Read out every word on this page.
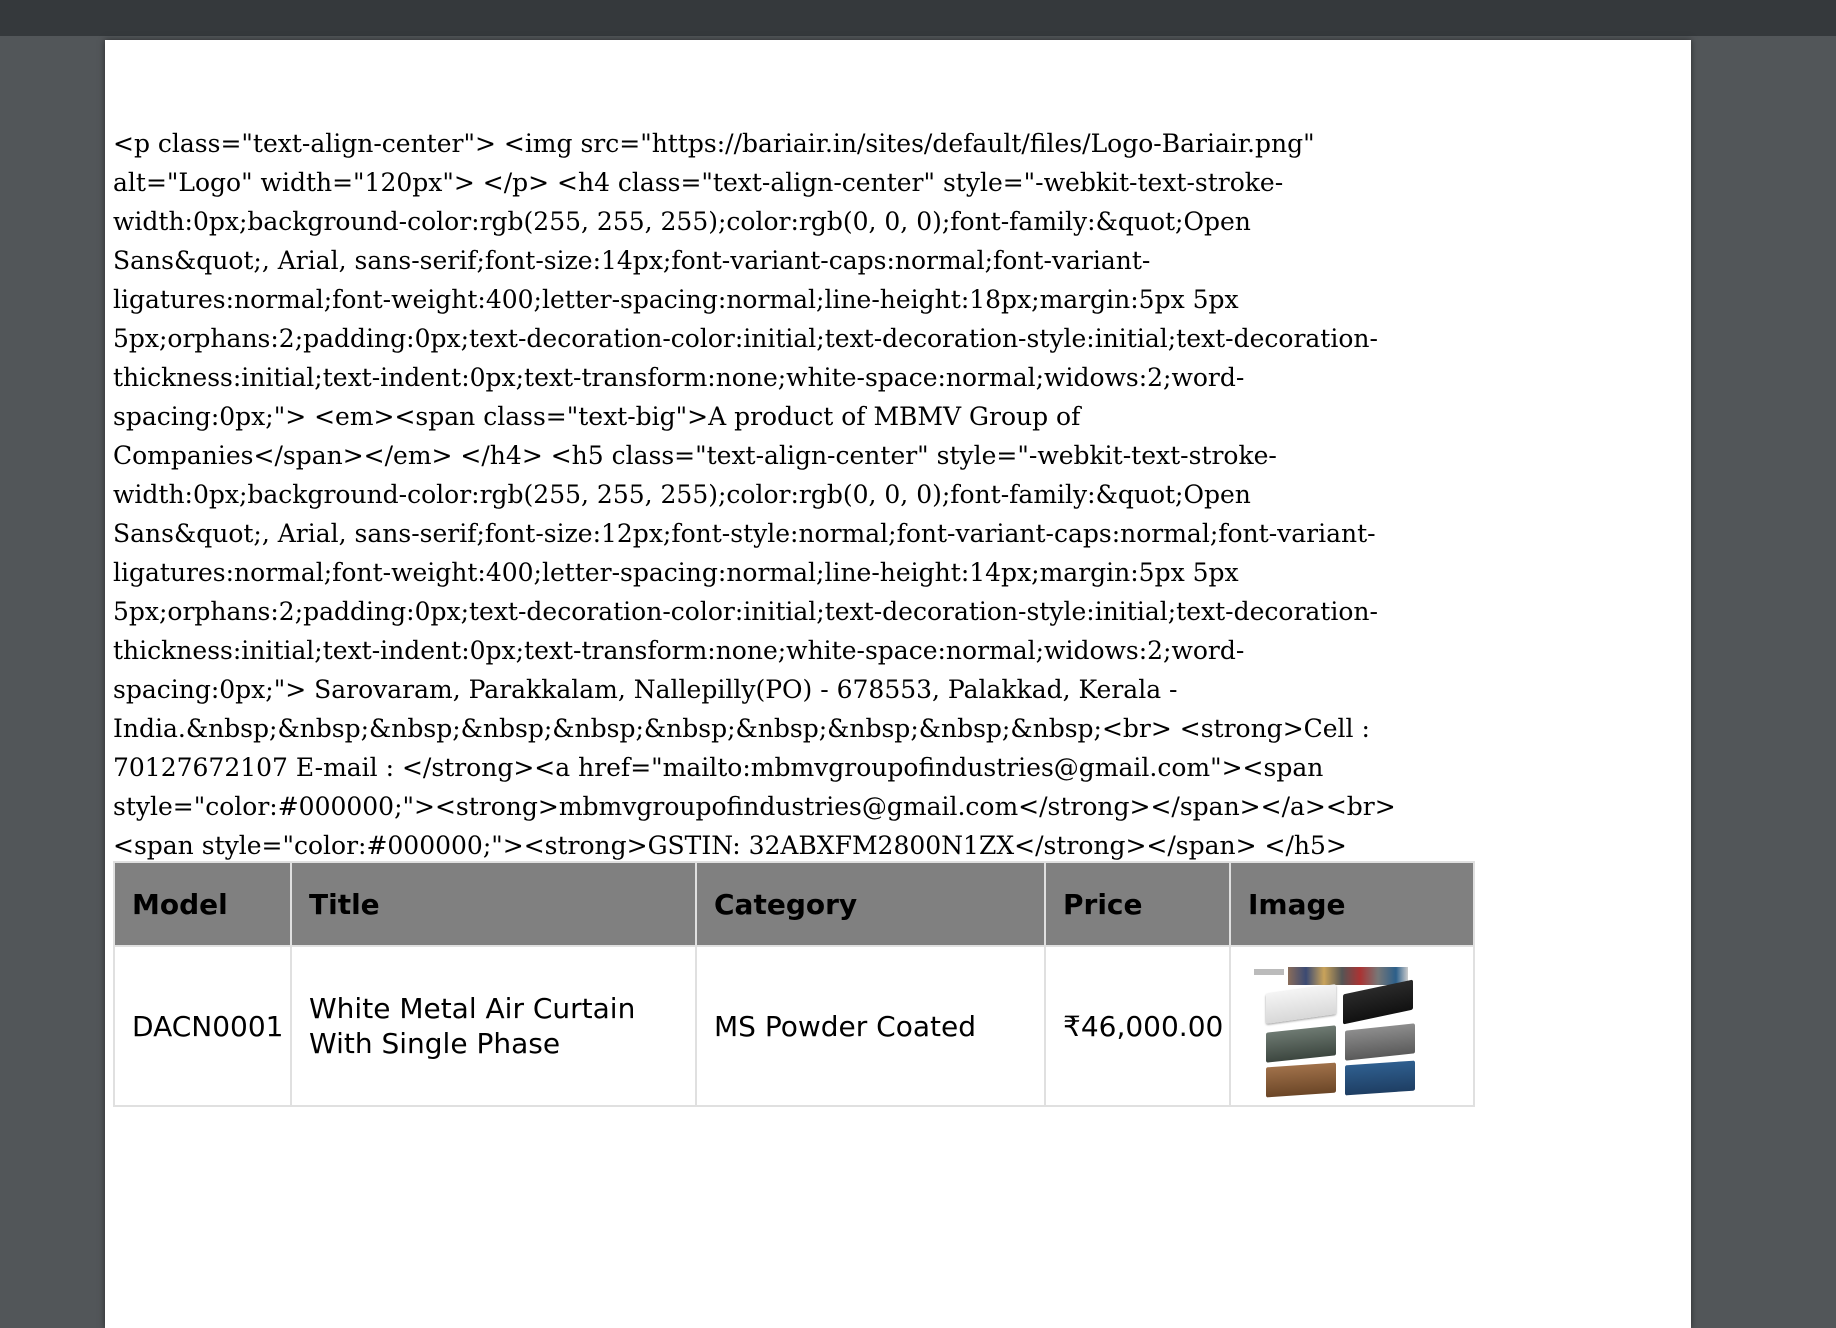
<p class="text-align-center"> <img src="https://bariair.in/sites/default/files/Logo-Bariair.png"
alt="Logo" width="120px"> </p> <h4 class="text-align-center" style="-webkit-text-stroke-
width:0px;background-color:rgb(255, 255, 255);color:rgb(0, 0, 0);font-family:&quot;Open
Sans&quot;, Arial, sans-serif;font-size:14px;font-variant-caps:normal;font-variant-
ligatures:normal;font-weight:400;letter-spacing:normal;line-height:18px;margin:5px 5px
5px;orphans:2;padding:0px;text-decoration-color:initial;text-decoration-style:initial;text-decoration-
thickness:initial;text-indent:0px;text-transform:none;white-space:normal;widows:2;word-
spacing:0px;"> <em><span class="text-big">A product of MBMV Group of
Companies</span></em> </h4> <h5 class="text-align-center" style="-webkit-text-stroke-
width:0px;background-color:rgb(255, 255, 255);color:rgb(0, 0, 0);font-family:&quot;Open
Sans&quot;, Arial, sans-serif;font-size:12px;font-style:normal;font-variant-caps:normal;font-variant-
ligatures:normal;font-weight:400;letter-spacing:normal;line-height:14px;margin:5px 5px
5px;orphans:2;padding:0px;text-decoration-color:initial;text-decoration-style:initial;text-decoration-
thickness:initial;text-indent:0px;text-transform:none;white-space:normal;widows:2;word-
spacing:0px;"> Sarovaram, Parakkalam, Nallepilly(PO) - 678553, Palakkad, Kerala -
India.&nbsp;&nbsp;&nbsp;&nbsp;&nbsp;&nbsp;&nbsp;&nbsp;&nbsp;&nbsp;<br> <strong>Cell :
70127672107 E-mail : </strong><a href="mailto:mbmvgroupofindustries@gmail.com"><span
style="color:#000000;"><strong>mbmvgroupofindustries@gmail.com</strong></span></a><br>
<span style="color:#000000;"><strong>GSTIN: 32ABXFM2800N1ZX</strong></span> </h5>
Model	Title	Category	Price	Image
DACN0001	White Metal Air Curtain
With Single Phase	MS Powder Coated	₹46,000.00	
